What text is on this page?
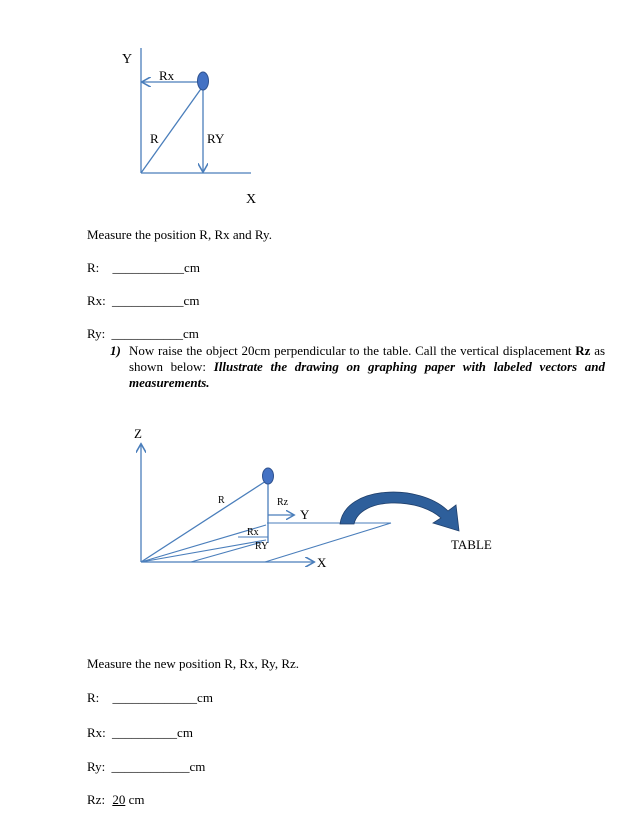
Y
Rx
R	RY
X
Measure the position R, Rx and Ry.
R: ___________cm
Rx: ___________cm
Ry: ___________cm
1) Now raise the object 20cm perpendicular to the table. Call the vertical displacement Rz as shown below: Illustrate the drawing on graphing paper with labeled vectors and measurements.
Z
R	Rz
Y
Rx
RY
X
TABLE
Measure the new position R, Rx, Ry, Rz.
R: _____________cm
Rx: __________cm
Ry: ____________cm
Rz: 20 cm
